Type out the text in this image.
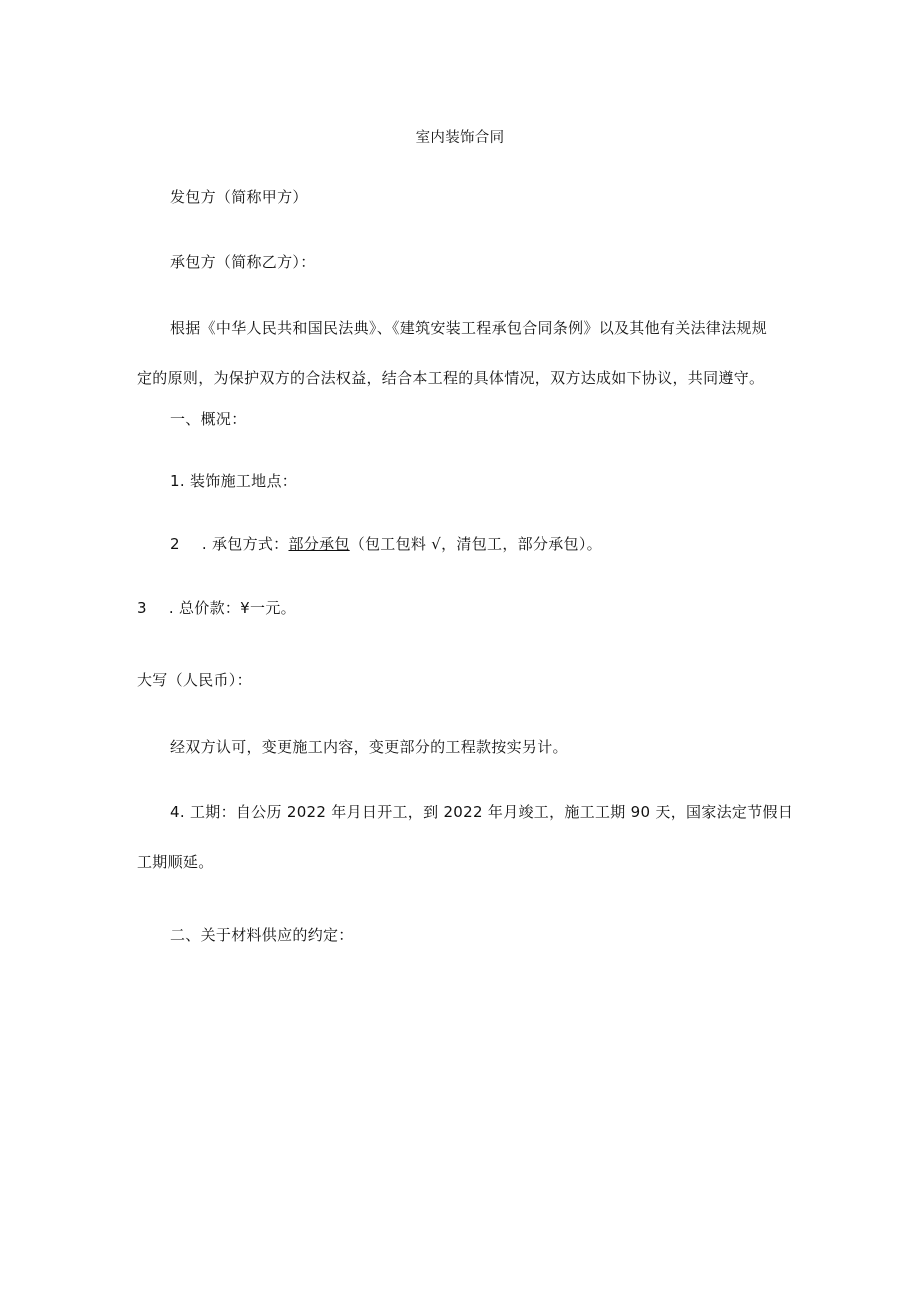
室内装饰合同
发包方（简称甲方）
承包方（简称乙方）：
根据《中华人民共和国民法典》、《建筑安装工程承包合同条例》以及其他有关法律法规规
定的原则，为保护双方的合法权益，结合本工程的具体情况，双方达成如下协议，共同遵守。
一、概况：
1. 装饰施工地点：
2 . 承包方式：部分承包（包工包料 √，清包工，部分承包）。
3 . 总价款：¥一元。
大写（人民币）：
经双方认可，变更施工内容，变更部分的工程款按实另计。
4. 工期：自公历 2022 年月日开工，到 2022 年月竣工，施工工期 90 天，国家法定节假日
工期顺延。
二、关于材料供应的约定：
